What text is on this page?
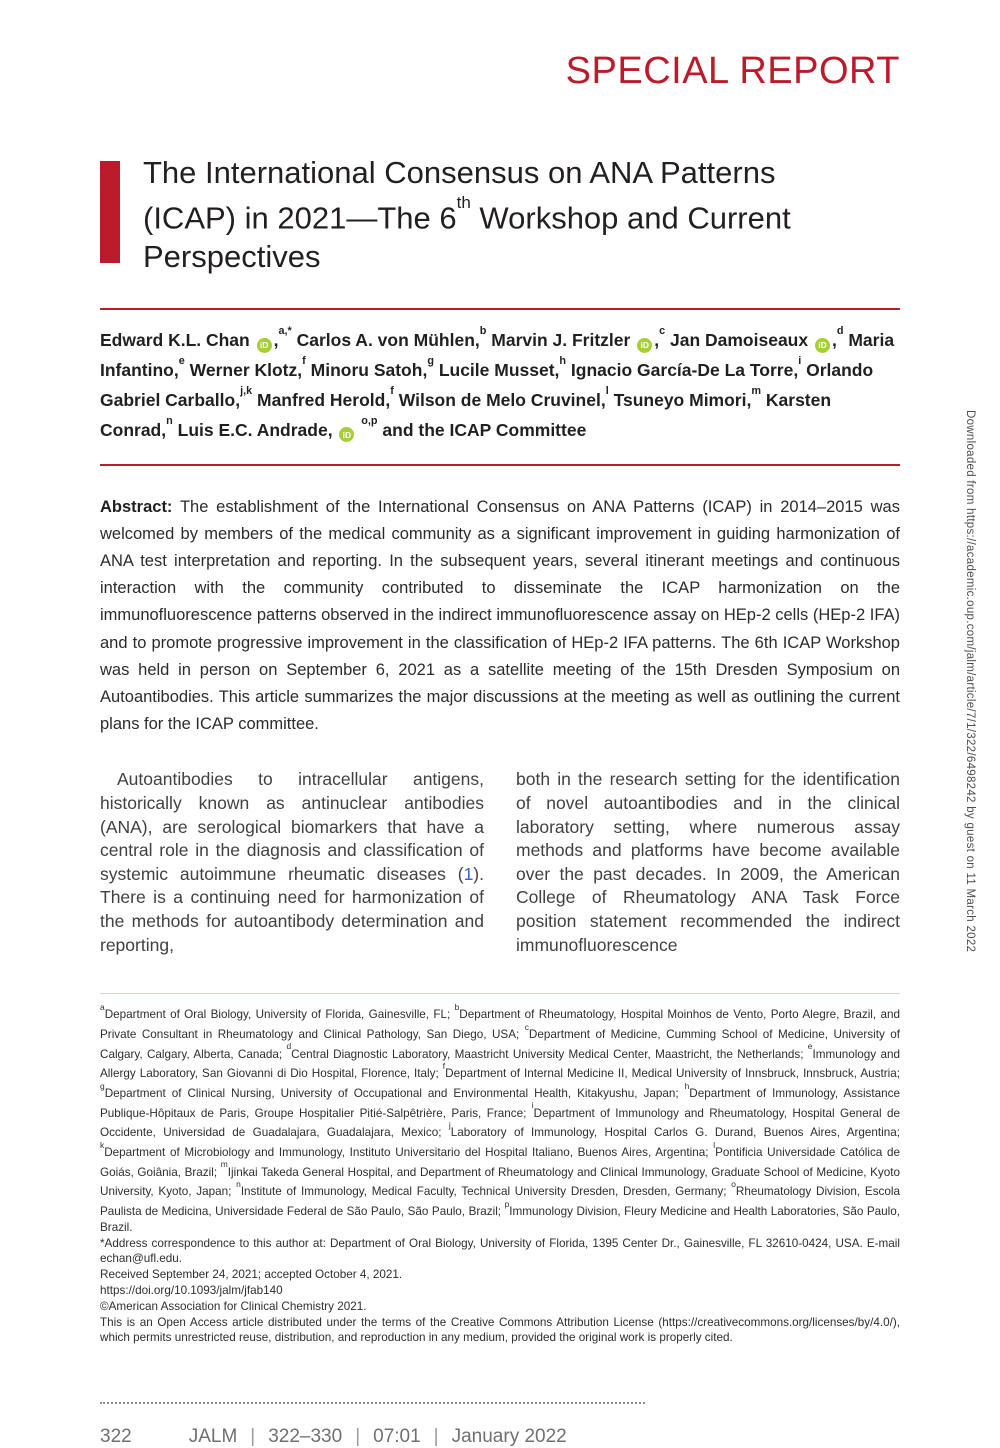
Downloaded from https://academic.oup.com/jalm/article/7/1/322/6498242 by guest on 11 March 2022
SPECIAL REPORT
The International Consensus on ANA Patterns
(ICAP) in 2021—The 6th Workshop and Current
Perspectives
Edward K.L. Chan iD ,$^{a,*}$ Carlos A. von Mühlen,$^b$ Marvin J. Fritzler iD ,$^c$ Jan Damoiseaux iD ,$^d$ Maria Infantino,$^e$ Werner Klotz,$^f$ Minoru Satoh,$^g$ Lucile Musset,$^h$ Ignacio García-De La Torre,$^i$ Orlando Gabriel Carballo,$^{j,k}$ Manfred Herold,$^f$ Wilson de Melo Cruvinel,$^l$ Tsuneyo Mimori,$^m$ Karsten Conrad,$^n$ Luis E.C. Andrade, iD $^{o,p}$ and the ICAP Committee

Abstract: The establishment of the International Consensus on ANA Patterns (ICAP) in 2014–2015 was welcomed by members of the medical community as a significant improvement in guiding harmonization of ANA test interpretation and reporting. In the subsequent years, several itinerant meetings and continuous interaction with the community contributed to disseminate the ICAP harmonization on the immunofluorescence patterns observed in the indirect immunofluorescence assay on HEp-2 cells (HEp-2 IFA) and to promote progressive improvement in the classification of HEp-2 IFA patterns. The 6th ICAP Workshop was held in person on September 6, 2021 as a satellite meeting of the 15th Dresden Symposium on Autoantibodies. This article summarizes the major discussions at the meeting as well as outlining the current plans for the ICAP committee.

Autoantibodies to intracellular antigens, historically known as antinuclear antibodies (ANA), are serological biomarkers that have a central role in the diagnosis and classification of systemic autoimmune rheumatic diseases (1). There is a continuing need for harmonization of the methods for autoantibody determination and reporting,

both in the research setting for the identification of novel autoantibodies and in the clinical laboratory setting, where numerous assay methods and platforms have become available over the past decades. In 2009, the American College of Rheumatology ANA Task Force position statement recommended the indirect immunofluorescence

$^a$Department of Oral Biology, University of Florida, Gainesville, FL; $^b$Department of Rheumatology, Hospital Moinhos de Vento, Porto Alegre, Brazil, and Private Consultant in Rheumatology and Clinical Pathology, San Diego, USA; $^c$Department of Medicine, Cumming School of Medicine, University of Calgary, Calgary, Alberta, Canada; $^d$Central Diagnostic Laboratory, Maastricht University Medical Center, Maastricht, the Netherlands; $^e$Immunology and Allergy Laboratory, San Giovanni di Dio Hospital, Florence, Italy; $^f$Department of Internal Medicine II, Medical University of Innsbruck, Innsbruck, Austria; $^g$Department of Clinical Nursing, University of Occupational and Environmental Health, Kitakyushu, Japan; $^h$Department of Immunology, Assistance Publique-Hôpitaux de Paris, Groupe Hospitalier Pitié-Salpêtrière, Paris, France; $^i$Department of Immunology and Rheumatology, Hospital General de Occidente, Universidad de Guadalajara, Guadalajara, Mexico; $^j$Laboratory of Immunology, Hospital Carlos G. Durand, Buenos Aires, Argentina; $^k$Department of Microbiology and Immunology, Instituto Universitario del Hospital Italiano, Buenos Aires, Argentina; $^l$Pontificia Universidade Católica de Goiás, Goiânia, Brazil; $^m$Ijinkai Takeda General Hospital, and Department of Rheumatology and Clinical Immunology, Graduate School of Medicine, Kyoto University, Kyoto, Japan; $^n$Institute of Immunology, Medical Faculty, Technical University Dresden, Dresden, Germany; $^o$Rheumatology Division, Escola Paulista de Medicina, Universidade Federal de São Paulo, São Paulo, Brazil; $^p$Immunology Division, Fleury Medicine and Health Laboratories, São Paulo, Brazil.

*Address correspondence to this author at: Department of Oral Biology, University of Florida, 1395 Center Dr., Gainesville, FL 32610-0424, USA. E-mail echan@ufl.edu.

Received September 24, 2021; accepted October 4, 2021.

https://doi.org/10.1093/jalm/jfab140

©American Association for Clinical Chemistry 2021.

This is an Open Access article distributed under the terms of the Creative Commons Attribution License (https://creativecommons.org/licenses/by/4.0/), which permits unrestricted reuse, distribution, and reproduction in any medium, provided the original work is properly cited.

322	JALM | 322–330 | 07:01 | January 2022
